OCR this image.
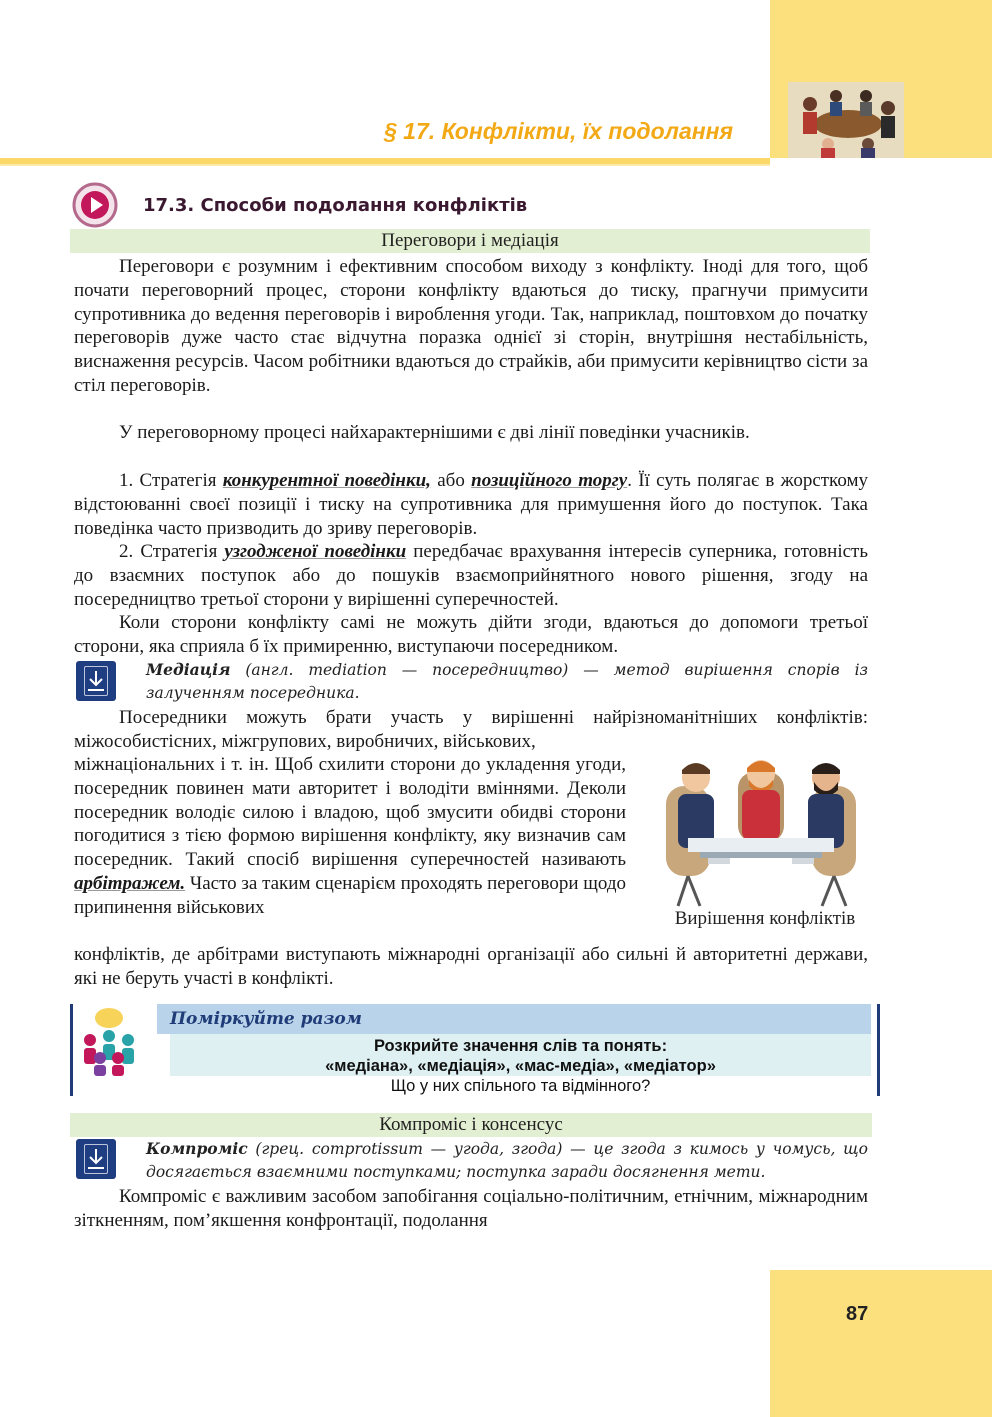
§ 17. Конфлікти, їх подолання
17.3. Способи подолання конфліктів
Переговори і медіація
Переговори є розумним і ефективним способом виходу з конфлікту. Іноді для того, щоб почати переговорний процес, сторони конфлікту вдаються до тиску, прагнучи примусити супротивника до ведення переговорів і вироблення угоди. Так, наприклад, поштовхом до початку переговорів дуже часто стає відчутна поразка однієї зі сторін, внутрішня нестабільність, виснаження ресурсів. Часом робітники вдаються до страйків, аби примусити керівництво сісти за стіл переговорів.
У переговорному процесі найхарактернішими є дві лінії поведінки учасників.
1. Стратегія конкурентної поведінки, або позиційного торгу. Її суть полягає в жорсткому відстоюванні своєї позиції і тиску на супротивника для примушення його до поступок. Така поведінка часто призводить до зриву переговорів.
2. Стратегія узгодженої поведінки передбачає врахування інтересів суперника, готовність до взаємних поступок або до пошуків взаємоприйнятного нового рішення, згоду на посередництво третьої сторони у вирішенні суперечностей.
Коли сторони конфлікту самі не можуть дійти згоди, вдаються до допомоги третьої сторони, яка сприяла б їх примиренню, виступаючи посередником.
Медіація (англ. mediation — посередництво) — метод вирішення спорів із залученням посередника.
Посередники можуть брати участь у вирішенні найрізноманітніших конфліктів: міжособистісних, міжгрупових, виробничих, військових,
міжнаціональних і т. ін. Щоб схилити сторони до укладення угоди, посередник повинен мати авторитет і володіти вміннями. Деколи посередник володіє силою і владою, щоб змусити обидві сторони погодитися з тією формою вирішення конфлікту, яку визначив сам посередник. Такий спосіб вирішення суперечностей називають арбітражем. Часто за таким сценарієм проходять переговори щодо припинення військових
конфліктів, де арбітрами виступають міжнародні організації або сильні й авторитетні держави, які не беруть участі в конфлікті.
Вирішення конфліктів
Поміркуйте разом
Розкрийте значення слів та понять:
«медіана», «медіація», «мас-медіа», «медіатор»
Що у них спільного та відмінного?
Компроміс і консенсус
Компроміс (грец. comprotissum — угода, згода) — це згода з кимось у чомусь, що досягається взаємними поступками; поступка заради досягнення мети.
Компроміс є важливим засобом запобігання соціально-політичним, етнічним, міжнародним зіткненням, пом’якшення конфронтації, подолання
87
